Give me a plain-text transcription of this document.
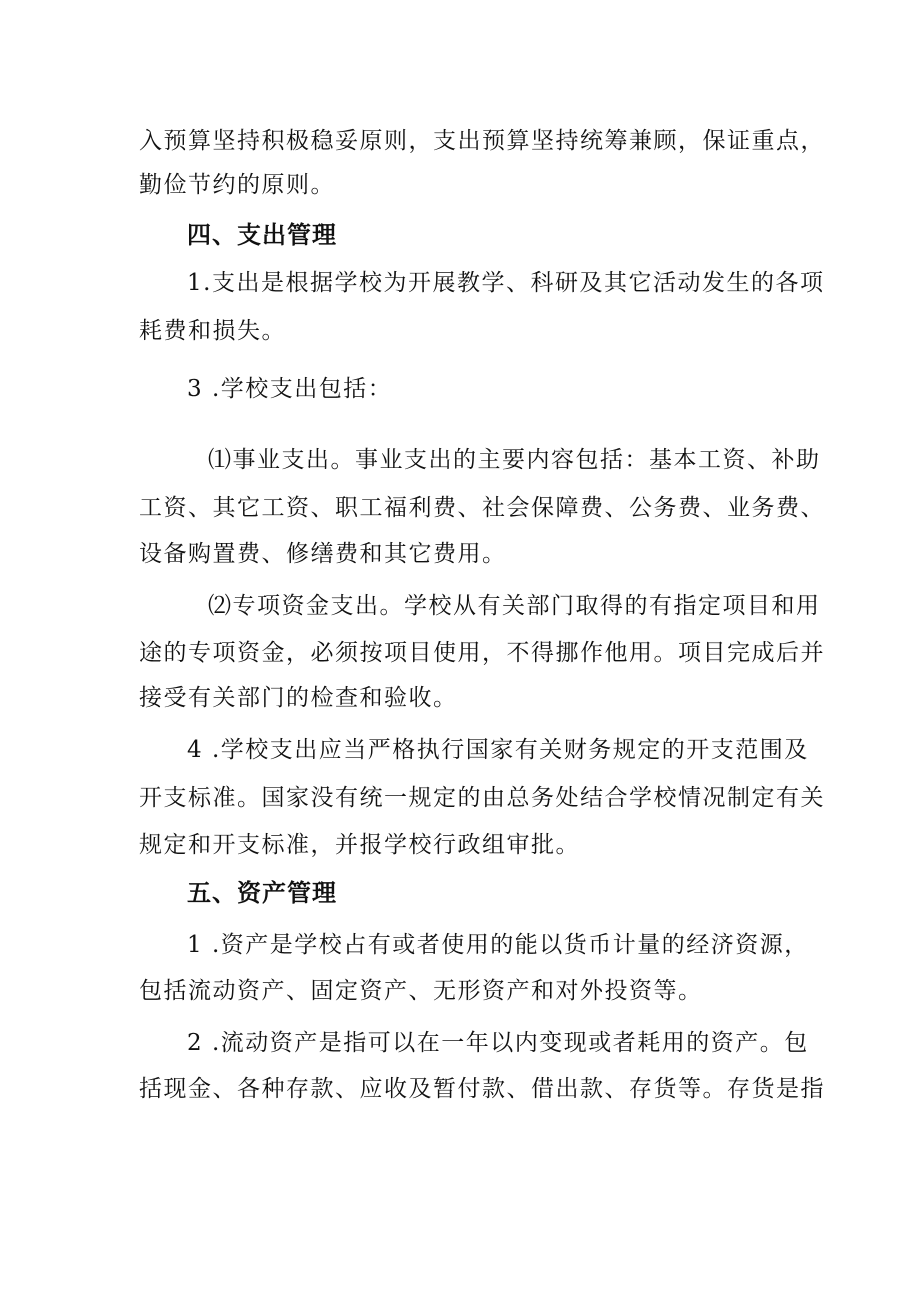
入预算坚持积极稳妥原则，支出预算坚持统筹兼顾，保证重点，
勤俭节约的原则。
四、支出管理
1.支出是根据学校为开展教学、科研及其它活动发生的各项
耗费和损失。
3 .学校支出包括：
⑴事业支出。事业支出的主要内容包括：基本工资、补助
工资、其它工资、职工福利费、社会保障费、公务费、业务费、
设备购置费、修缮费和其它费用。
⑵专项资金支出。学校从有关部门取得的有指定项目和用
途的专项资金，必须按项目使用，不得挪作他用。项目完成后并
接受有关部门的检查和验收。
4 .学校支出应当严格执行国家有关财务规定的开支范围及
开支标准。国家没有统一规定的由总务处结合学校情况制定有关
规定和开支标准，并报学校行政组审批。
五、资产管理
1 .资产是学校占有或者使用的能以货币计量的经济资源，
包括流动资产、固定资产、无形资产和对外投资等。
2 .流动资产是指可以在一年以内变现或者耗用的资产。包
括现金、各种存款、应收及暂付款、借出款、存货等。存货是指
